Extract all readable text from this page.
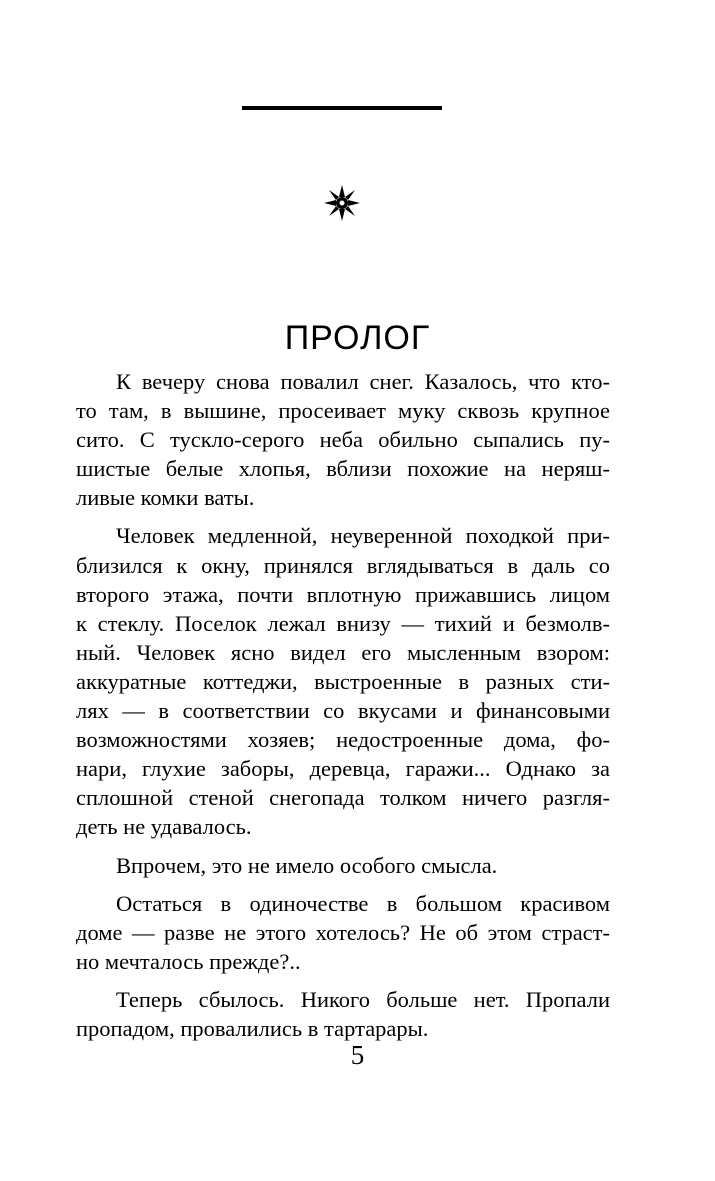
ПРОЛОГ
К вечеру снова повалил снег. Казалось, что кто-
то там, в вышине, просеивает муку сквозь крупное
сито. С тускло-серого неба обильно сыпались пу-
шистые белые хлопья, вблизи похожие на неряш-
ливые комки ваты.
Человек медленной, неуверенной походкой при-
близился к окну, принялся вглядываться в даль со
второго этажа, почти вплотную прижавшись лицом
к стеклу. Поселок лежал внизу — тихий и безмолв-
ный. Человек ясно видел его мысленным взором:
аккуратные коттеджи, выстроенные в разных сти-
лях — в соответствии со вкусами и финансовыми
возможностями хозяев; недостроенные дома, фо-
нари, глухие заборы, деревца, гаражи... Однако за
сплошной стеной снегопада толком ничего разгля-
деть не удавалось.
Впрочем, это не имело особого смысла.
Остаться в одиночестве в большом красивом
доме — разве не этого хотелось? Не об этом страст-
но мечталось прежде?..
Теперь сбылось. Никого больше нет. Пропали
пропадом, провалились в тартарары.
5
